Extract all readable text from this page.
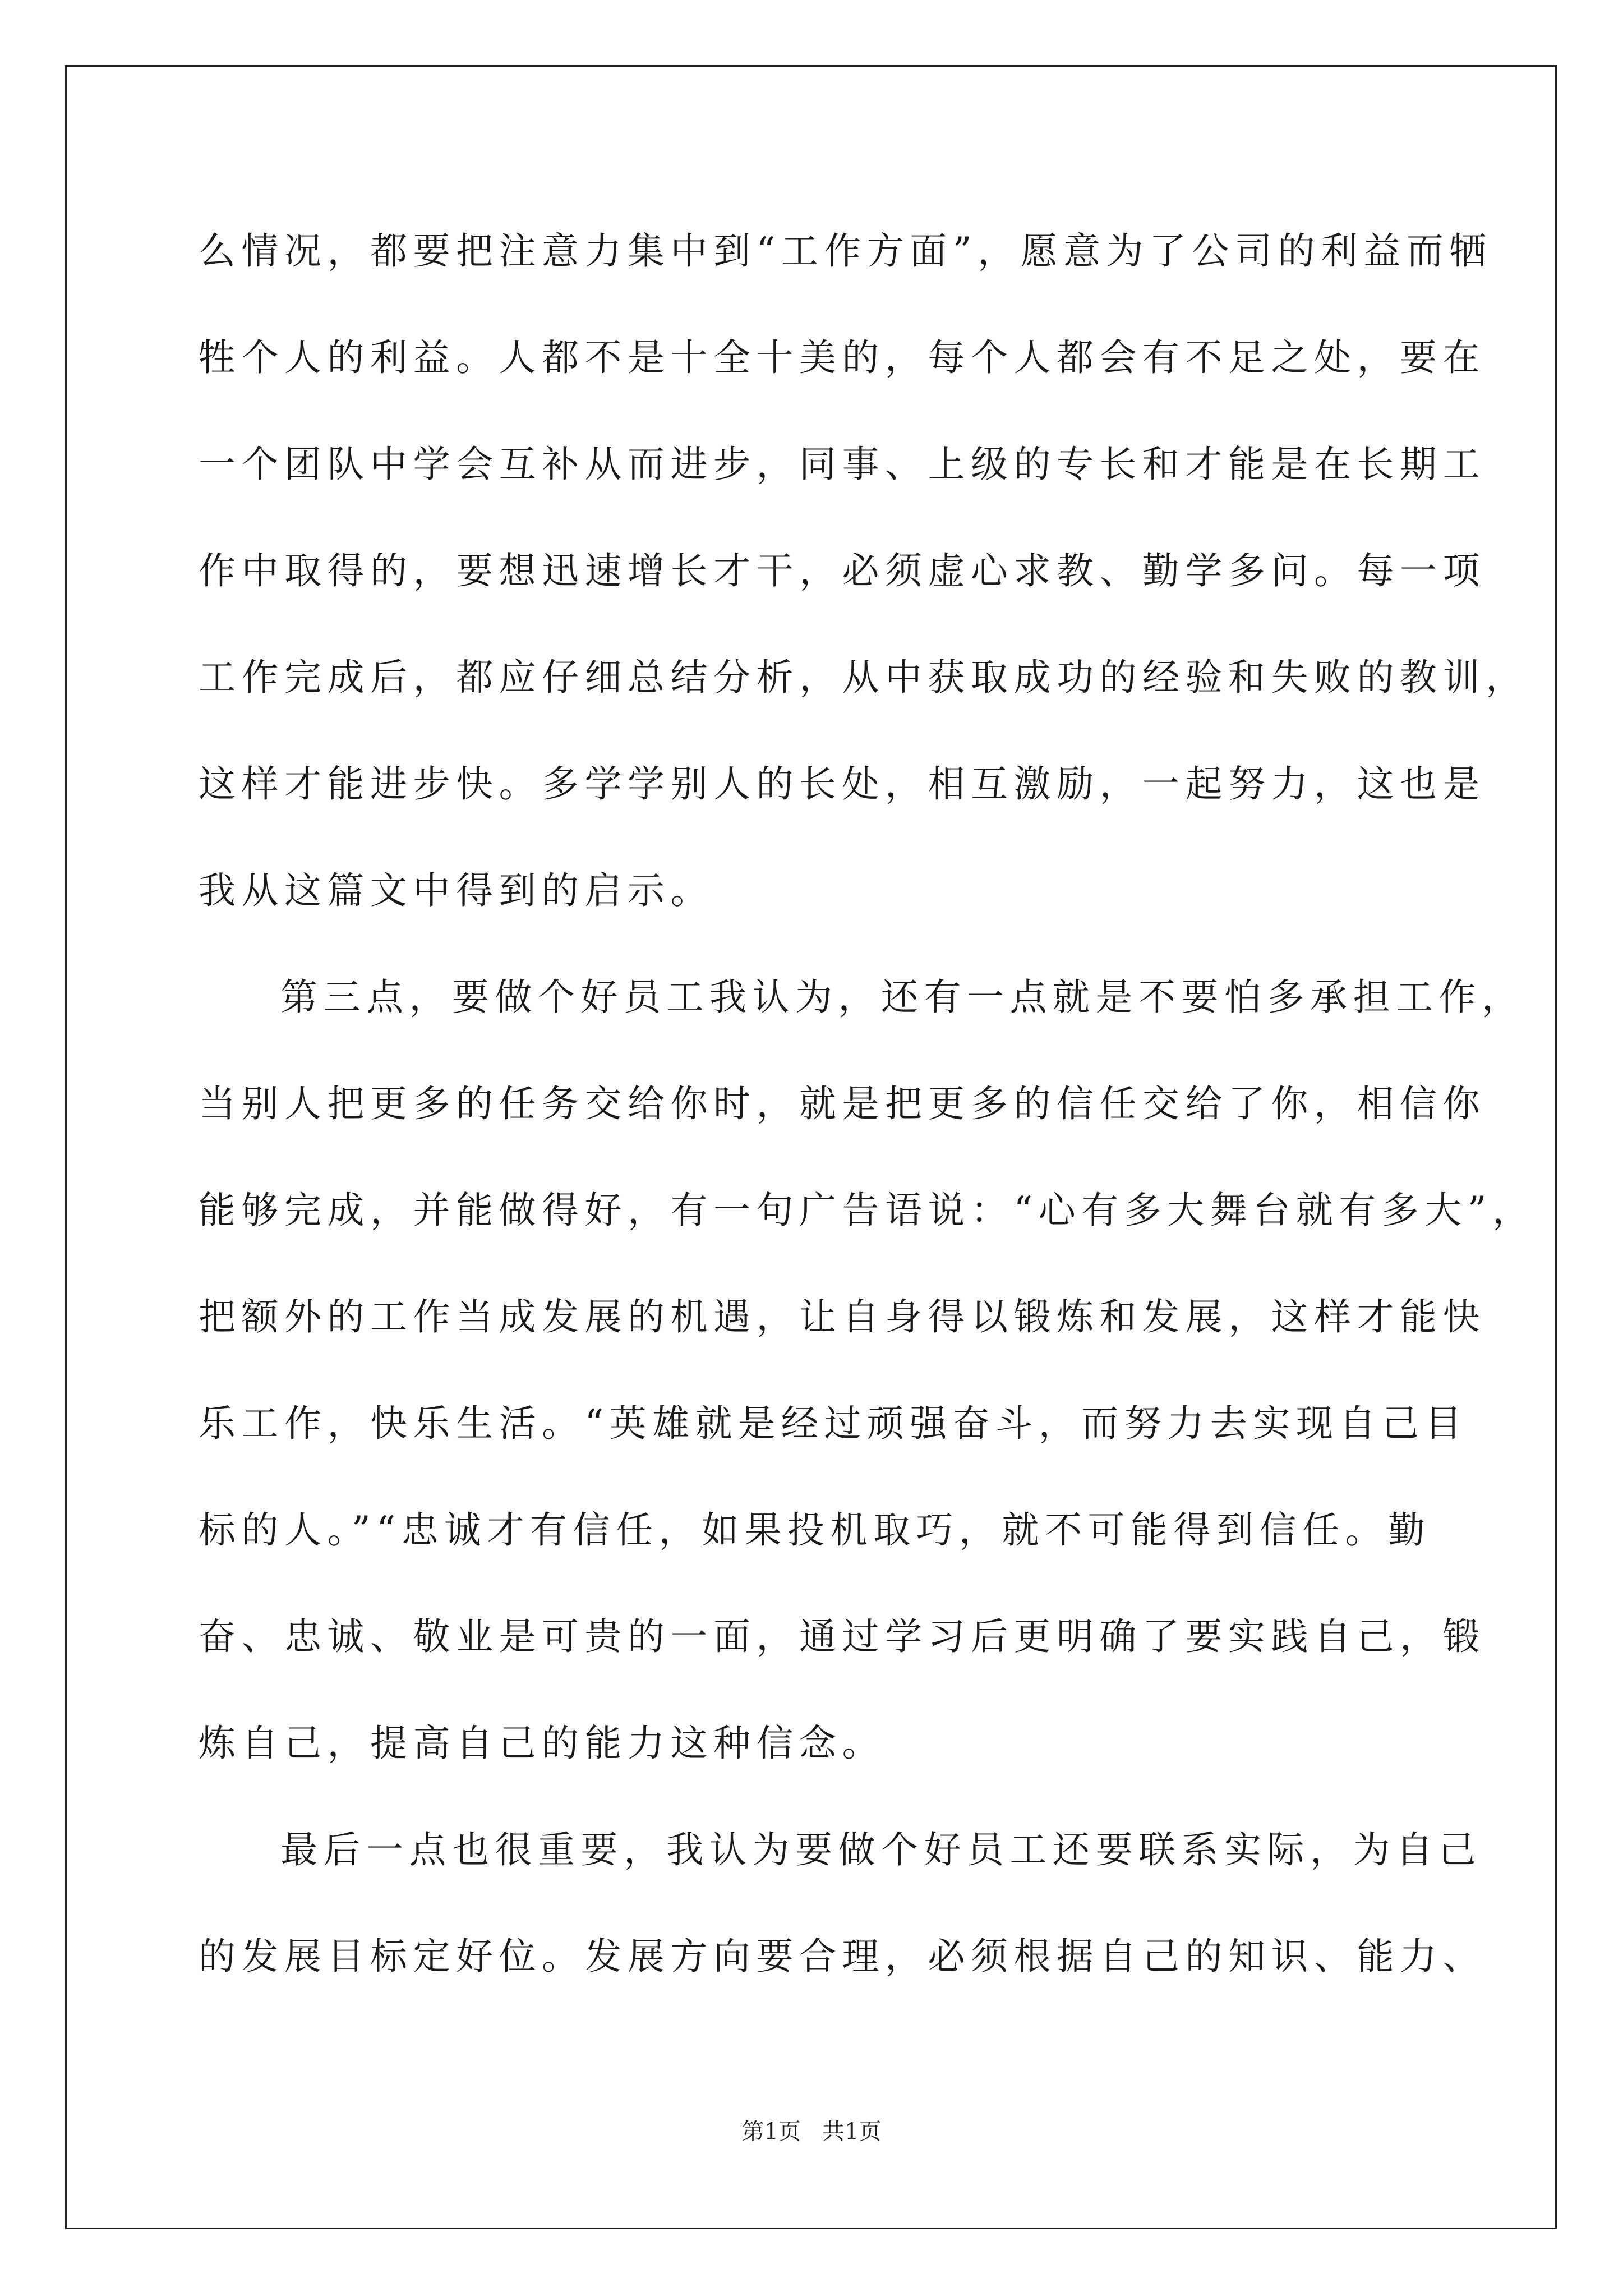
么情况，都要把注意力集中到“工作方面”，愿意为了公司的利益而牺
牲个人的利益。人都不是十全十美的，每个人都会有不足之处，要在
一个团队中学会互补从而进步，同事、上级的专长和才能是在长期工
作中取得的，要想迅速增长才干，必须虚心求教、勤学多问。每一项
工作完成后，都应仔细总结分析，从中获取成功的经验和失败的教训，
这样才能进步快。多学学别人的长处，相互激励，一起努力，这也是
我从这篇文中得到的启示。
第三点，要做个好员工我认为，还有一点就是不要怕多承担工作，
当别人把更多的任务交给你时，就是把更多的信任交给了你，相信你
能够完成，并能做得好，有一句广告语说：“心有多大舞台就有多大”，
把额外的工作当成发展的机遇，让自身得以锻炼和发展，这样才能快
乐工作，快乐生活。“英雄就是经过顽强奋斗，而努力去实现自己目
标的人。”“忠诚才有信任，如果投机取巧，就不可能得到信任。勤
奋、忠诚、敬业是可贵的一面，通过学习后更明确了要实践自己，锻
炼自己，提高自己的能力这种信念。
最后一点也很重要，我认为要做个好员工还要联系实际，为自己
的发展目标定好位。发展方向要合理，必须根据自己的知识、能力、
第1页   共1页
